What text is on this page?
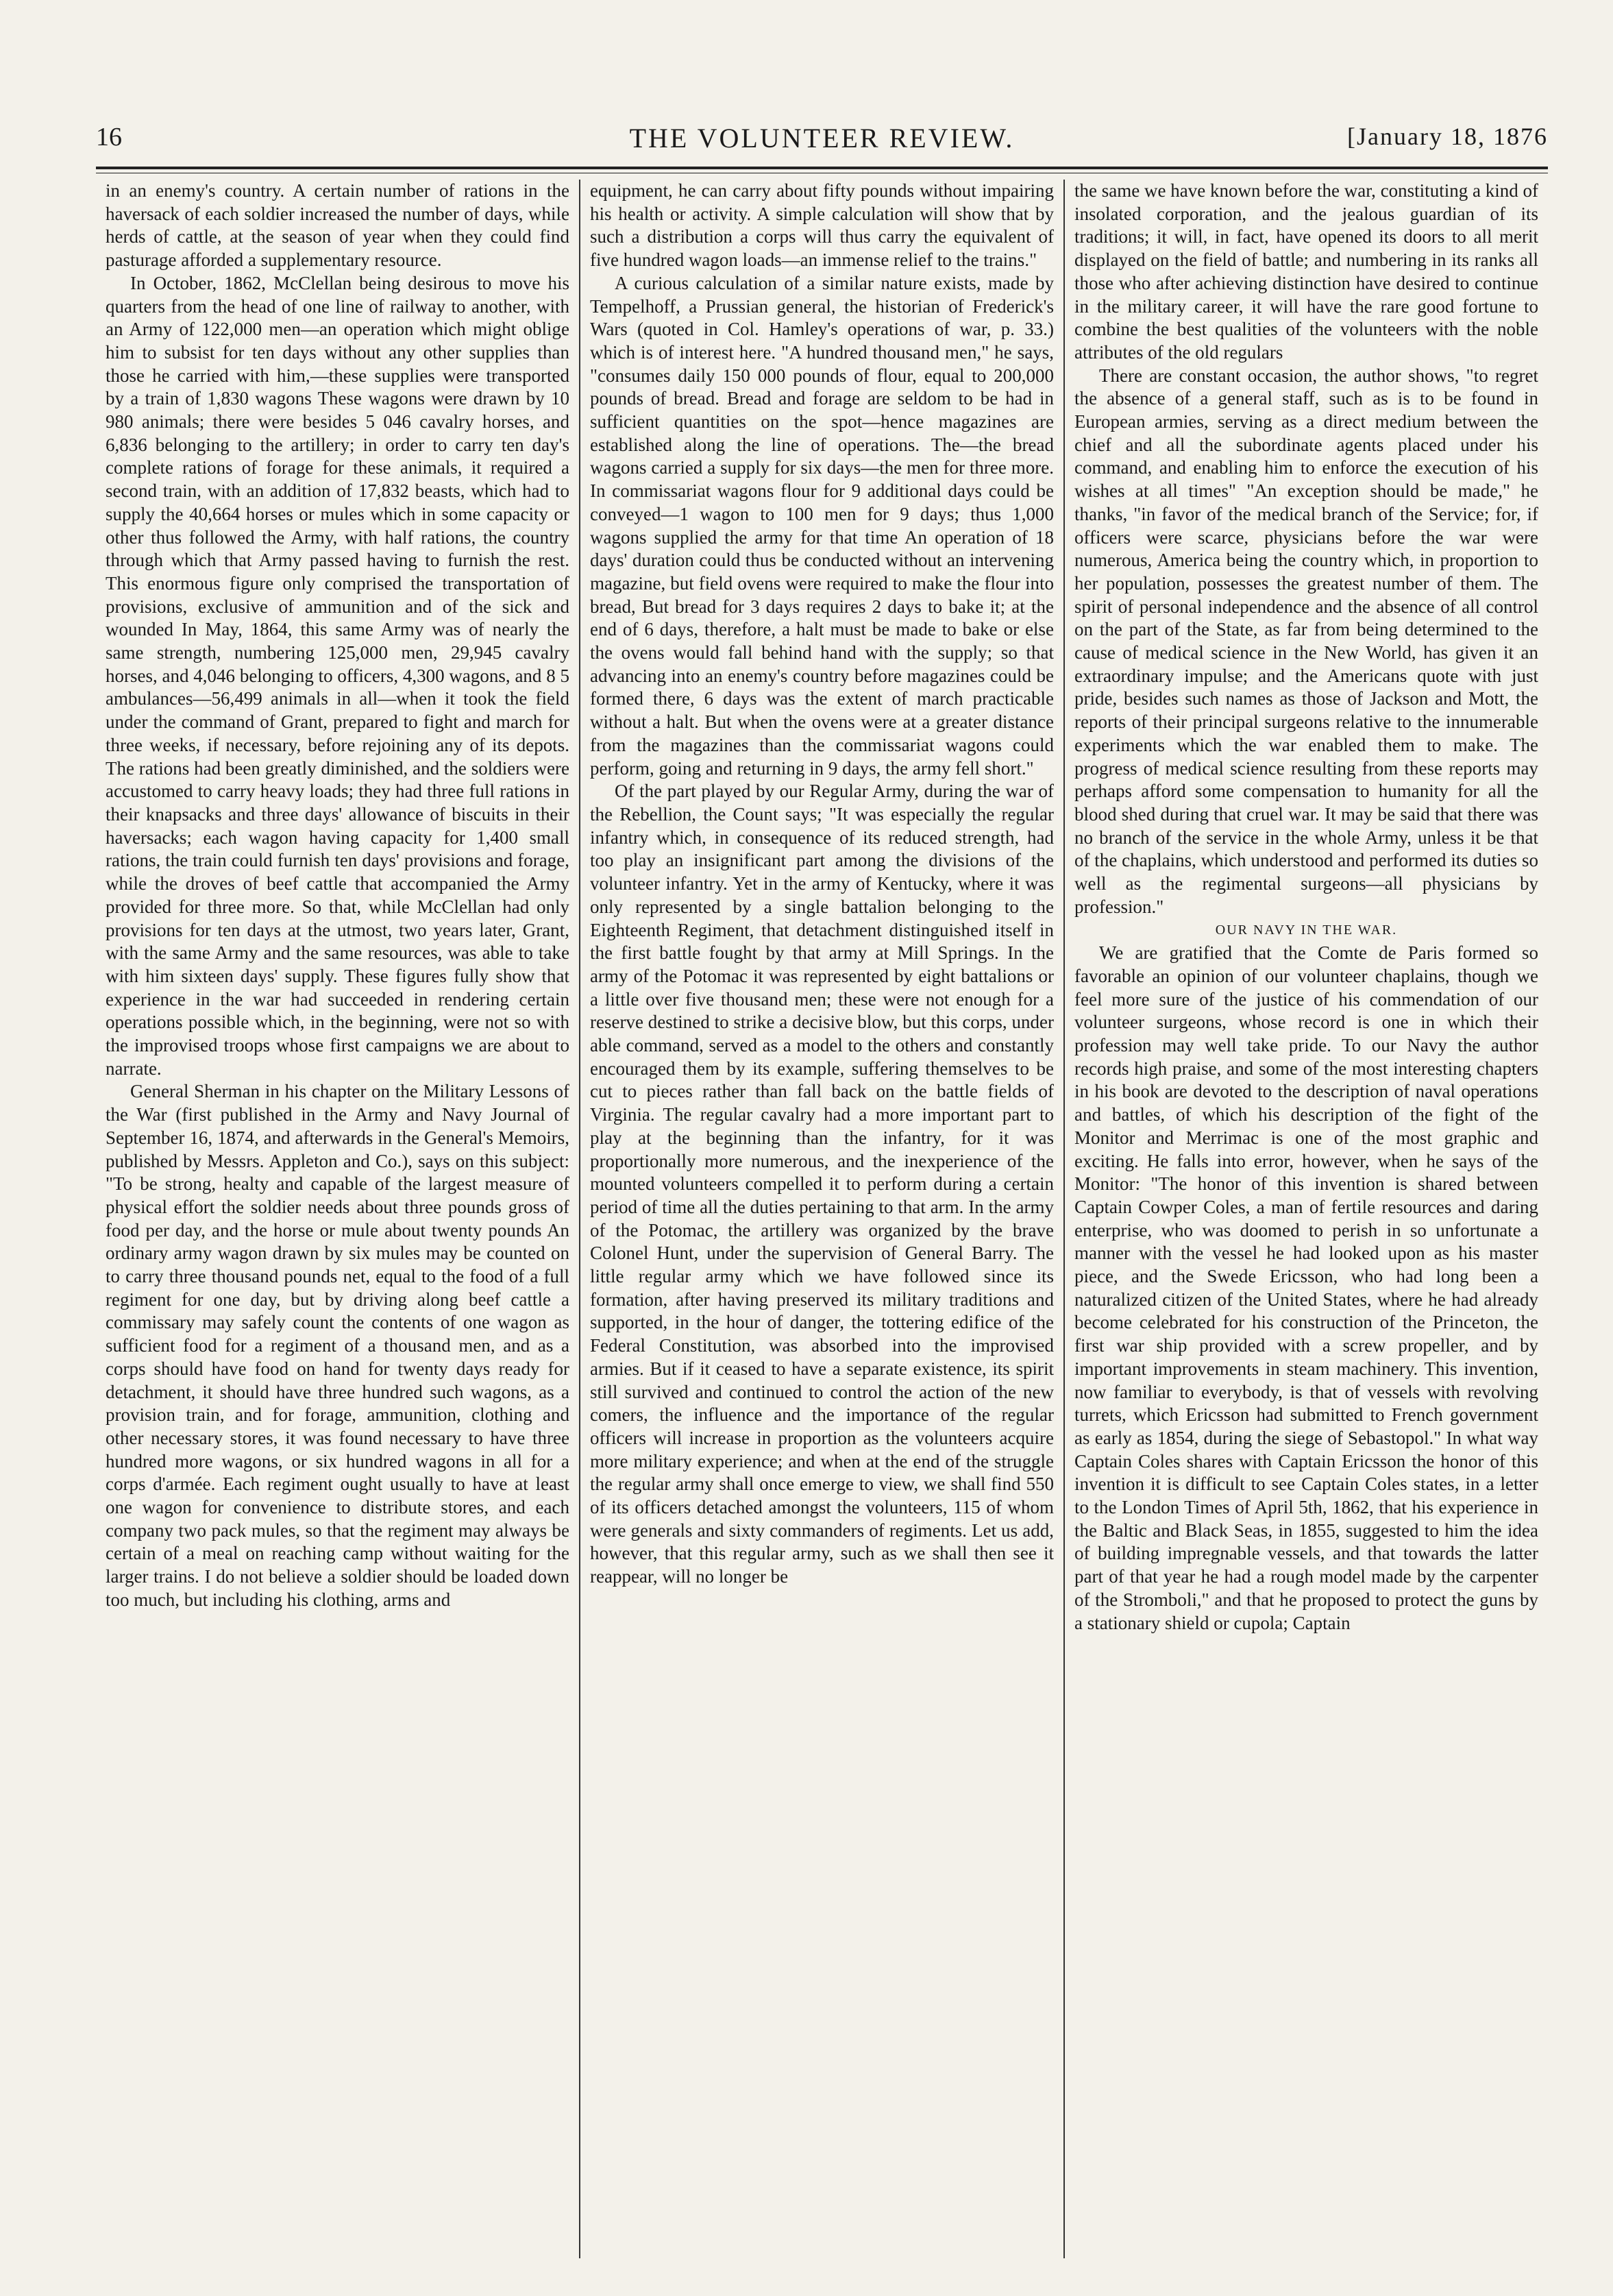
16	THE VOLUNTEER REVIEW.	[January 18, 1876

in an enemy's country. A certain number of rations in the haversack of each soldier increased the number of days, while herds of cattle, at the season of year when they could find pasturage afforded a supplementary resource.

In October, 1862, McClellan being desirous to move his quarters from the head of one line of railway to another, with an Army of 122,000 men—an operation which might oblige him to subsist for ten days without any other supplies than those he carried with him,—these supplies were transported by a train of 1,830 wagons These wagons were drawn by 10 980 animals; there were besides 5 046 cavalry horses, and 6,836 belonging to the artillery; in order to carry ten day's complete rations of forage for these animals, it required a second train, with an addition of 17,832 beasts, which had to supply the 40,664 horses or mules which in some capacity or other thus followed the Army, with half rations, the country through which that Army passed having to furnish the rest. This enormous figure only comprised the transportation of provisions, exclusive of ammunition and of the sick and wounded In May, 1864, this same Army was of nearly the same strength, numbering 125,000 men, 29,945 cavalry horses, and 4,046 belonging to officers, 4,300 wagons, and 8 5 ambulances—56,499 animals in all—when it took the field under the command of Grant, prepared to fight and march for three weeks, if necessary, before rejoining any of its depots. The rations had been greatly diminished, and the soldiers were accustomed to carry heavy loads; they had three full rations in their knapsacks and three days' allowance of biscuits in their haversacks; each wagon having capacity for 1,400 small rations, the train could furnish ten days' provisions and forage, while the droves of beef cattle that accompanied the Army provided for three more. So that, while McClellan had only provisions for ten days at the utmost, two years later, Grant, with the same Army and the same resources, was able to take with him sixteen days' supply. These figures fully show that experience in the war had succeeded in rendering certain operations possible which, in the beginning, were not so with the improvised troops whose first campaigns we are about to narrate.

General Sherman in his chapter on the Military Lessons of the War (first published in the Army and Navy Journal of September 16, 1874, and afterwards in the General's Memoirs, published by Messrs. Appleton and Co.), says on this subject: "To be strong, healty and capable of the largest measure of physical effort the soldier needs about three pounds gross of food per day, and the horse or mule about twenty pounds An ordinary army wagon drawn by six mules may be counted on to carry three thousand pounds net, equal to the food of a full regiment for one day, but by driving along beef cattle a commissary may safely count the contents of one wagon as sufficient food for a regiment of a thousand men, and as a corps should have food on hand for twenty days ready for detachment, it should have three hundred such wagons, as a provision train, and for forage, ammunition, clothing and other necessary stores, it was found necessary to have three hundred more wagons, or six hundred wagons in all for a corps d'armée. Each regiment ought usually to have at least one wagon for convenience to distribute stores, and each company two pack mules, so that the regiment may always be certain of a meal on reaching camp without waiting for the larger trains. I do not believe a soldier should be loaded down too much, but including his clothing, arms and

equipment, he can carry about fifty pounds without impairing his health or activity. A simple calculation will show that by such a distribution a corps will thus carry the equivalent of five hundred wagon loads—an immense relief to the trains."

A curious calculation of a similar nature exists, made by Tempelhoff, a Prussian general, the historian of Frederick's Wars (quoted in Col. Hamley's operations of war, p. 33.) which is of interest here. "A hundred thousand men," he says, "consumes daily 150 000 pounds of flour, equal to 200,000 pounds of bread. Bread and forage are seldom to be had in sufficient quantities on the spot—hence magazines are established along the line of operations. The—the bread wagons carried a supply for six days—the men for three more. In commissariat wagons flour for 9 additional days could be conveyed—1 wagon to 100 men for 9 days; thus 1,000 wagons supplied the army for that time An operation of 18 days' duration could thus be conducted without an intervening magazine, but field ovens were required to make the flour into bread, But bread for 3 days requires 2 days to bake it; at the end of 6 days, therefore, a halt must be made to bake or else the ovens would fall behind hand with the supply; so that advancing into an enemy's country before magazines could be formed there, 6 days was the extent of march practicable without a halt. But when the ovens were at a greater distance from the magazines than the commissariat wagons could perform, going and returning in 9 days, the army fell short."

Of the part played by our Regular Army, during the war of the Rebellion, the Count says; "It was especially the regular infantry which, in consequence of its reduced strength, had too play an insignificant part among the divisions of the volunteer infantry. Yet in the army of Kentucky, where it was only represented by a single battalion belonging to the Eighteenth Regiment, that detachment distinguished itself in the first battle fought by that army at Mill Springs. In the army of the Potomac it was represented by eight battalions or a little over five thousand men; these were not enough for a reserve destined to strike a decisive blow, but this corps, under able command, served as a model to the others and constantly encouraged them by its example, suffering themselves to be cut to pieces rather than fall back on the battle fields of Virginia. The regular cavalry had a more important part to play at the beginning than the infantry, for it was proportionally more numerous, and the inexperience of the mounted volunteers compelled it to perform during a certain period of time all the duties pertaining to that arm. In the army of the Potomac, the artillery was organized by the brave Colonel Hunt, under the supervision of General Barry. The little regular army which we have followed since its formation, after having preserved its military traditions and supported, in the hour of danger, the tottering edifice of the Federal Constitution, was absorbed into the improvised armies. But if it ceased to have a separate existence, its spirit still survived and continued to control the action of the new comers, the influence and the importance of the regular officers will increase in proportion as the volunteers acquire more military experience; and when at the end of the struggle the regular army shall once emerge to view, we shall find 550 of its officers detached amongst the volunteers, 115 of whom were generals and sixty commanders of regiments. Let us add, however, that this regular army, such as we shall then see it reappear, will no longer be

the same we have known before the war, constituting a kind of insolated corporation, and the jealous guardian of its traditions; it will, in fact, have opened its doors to all merit displayed on the field of battle; and numbering in its ranks all those who after achieving distinction have desired to continue in the military career, it will have the rare good fortune to combine the best qualities of the volunteers with the noble attributes of the old regulars

There are constant occasion, the author shows, "to regret the absence of a general staff, such as is to be found in European armies, serving as a direct medium between the chief and all the subordinate agents placed under his command, and enabling him to enforce the execution of his wishes at all times" "An exception should be made," he thanks, "in favor of the medical branch of the Service; for, if officers were scarce, physicians before the war were numerous, America being the country which, in proportion to her population, possesses the greatest number of them. The spirit of personal independence and the absence of all control on the part of the State, as far from being determined to the cause of medical science in the New World, has given it an extraordinary impulse; and the Americans quote with just pride, besides such names as those of Jackson and Mott, the reports of their principal surgeons relative to the innumerable experiments which the war enabled them to make. The progress of medical science resulting from these reports may perhaps afford some compensation to humanity for all the blood shed during that cruel war. It may be said that there was no branch of the service in the whole Army, unless it be that of the chaplains, which understood and performed its duties so well as the regimental surgeons—all physicians by profession."

OUR NAVY IN THE WAR.

We are gratified that the Comte de Paris formed so favorable an opinion of our volunteer chaplains, though we feel more sure of the justice of his commendation of our volunteer surgeons, whose record is one in which their profession may well take pride. To our Navy the author records high praise, and some of the most interesting chapters in his book are devoted to the description of naval operations and battles, of which his description of the fight of the Monitor and Merrimac is one of the most graphic and exciting. He falls into error, however, when he says of the Monitor: "The honor of this invention is shared between Captain Cowper Coles, a man of fertile resources and daring enterprise, who was doomed to perish in so unfortunate a manner with the vessel he had looked upon as his master piece, and the Swede Ericsson, who had long been a naturalized citizen of the United States, where he had already become celebrated for his construction of the Princeton, the first war ship provided with a screw propeller, and by important improvements in steam machinery. This invention, now familiar to everybody, is that of vessels with revolving turrets, which Ericsson had submitted to French government as early as 1854, during the siege of Sebastopol." In what way Captain Coles shares with Captain Ericsson the honor of this invention it is difficult to see Captain Coles states, in a letter to the London Times of April 5th, 1862, that his experience in the Baltic and Black Seas, in 1855, suggested to him the idea of building impregnable vessels, and that towards the latter part of that year he had a rough model made by the carpenter of the Stromboli," and that he proposed to protect the guns by a stationary shield or cupola; Captain
